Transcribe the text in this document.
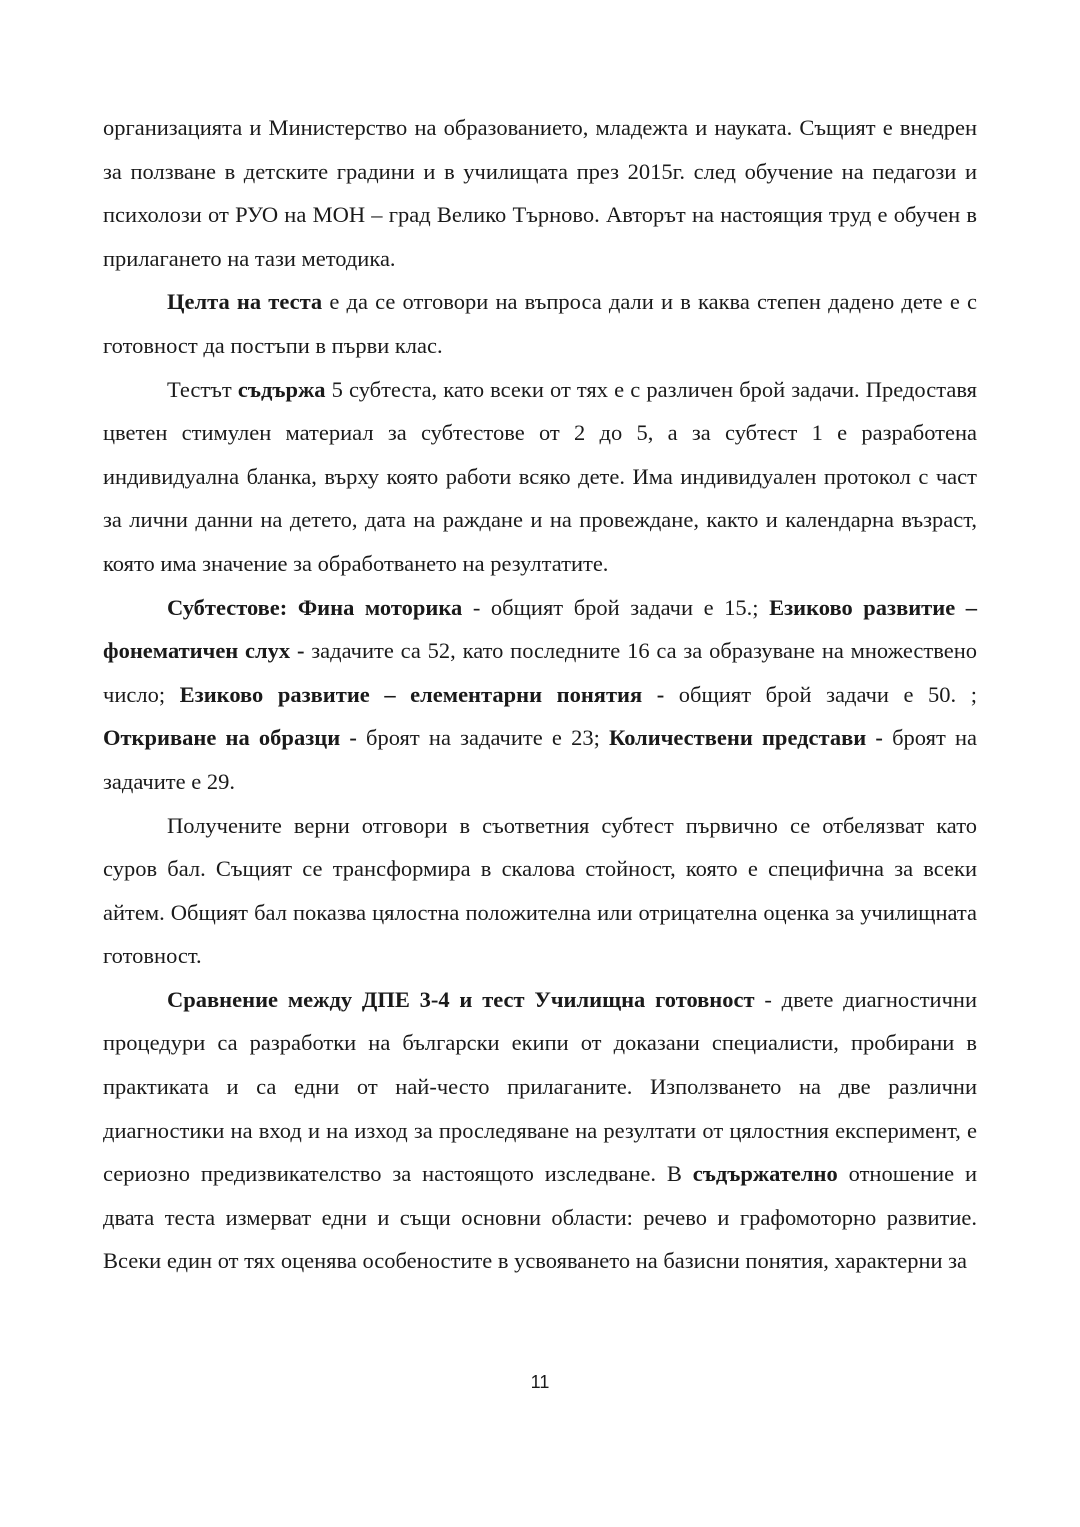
организацията и Министерство на образованието, младежта и науката. Същият е внедрен за ползване в детските градини и в училищата през 2015г. след обучение на педагози и психолози от РУО на МОН – град Велико Търново. Авторът на настоящия труд е обучен в прилагането на тази методика.

Целта на теста е да се отговори на въпроса дали и в каква степен дадено дете е с готовност да постъпи в първи клас.

Тестът съдържа 5 субтеста, като всеки от тях е с различен брой задачи. Предоставя цветен стимулен материал за субтестове от 2 до 5, а за субтест 1 е разработена индивидуална бланка, върху която работи всяко дете. Има индивидуален протокол с част за лични данни на детето, дата на раждане и на провеждане, както и календарна възраст, която има значение за обработването на резултатите.

Субтестове: Фина моторика - общият брой задачи е 15.; Езиково развитие – фонематичен слух - задачите са 52, като последните 16 са за образуване на множествено число; Езиково развитие – елементарни понятия - общият брой задачи е 50. ; Откриване на образци - броят на задачите е 23; Количествени представи - броят на задачите е 29.

Получените верни отговори в съответния субтест първично се отбелязват като суров бал. Същият се трансформира в скалова стойност, която е специфична за всеки айтем. Общият бал показва цялостна положителна или отрицателна оценка за училищната готовност.

Сравнение между ДПЕ 3-4 и тест Училищна готовност - двете диагностични процедури са разработки на български екипи от доказани специалисти, пробирани в практиката и са едни от най-често прилаганите. Използването на две различни диагностики на вход и на изход за проследяване на резултати от цялостния експеримент, е сериозно предизвикателство за настоящото изследване. В съдържателно отношение и двата теста измерват едни и същи основни области: речево и графомоторно развитие. Всеки един от тях оценява особеностите в усвояването на базисни понятия, характерни за

11
